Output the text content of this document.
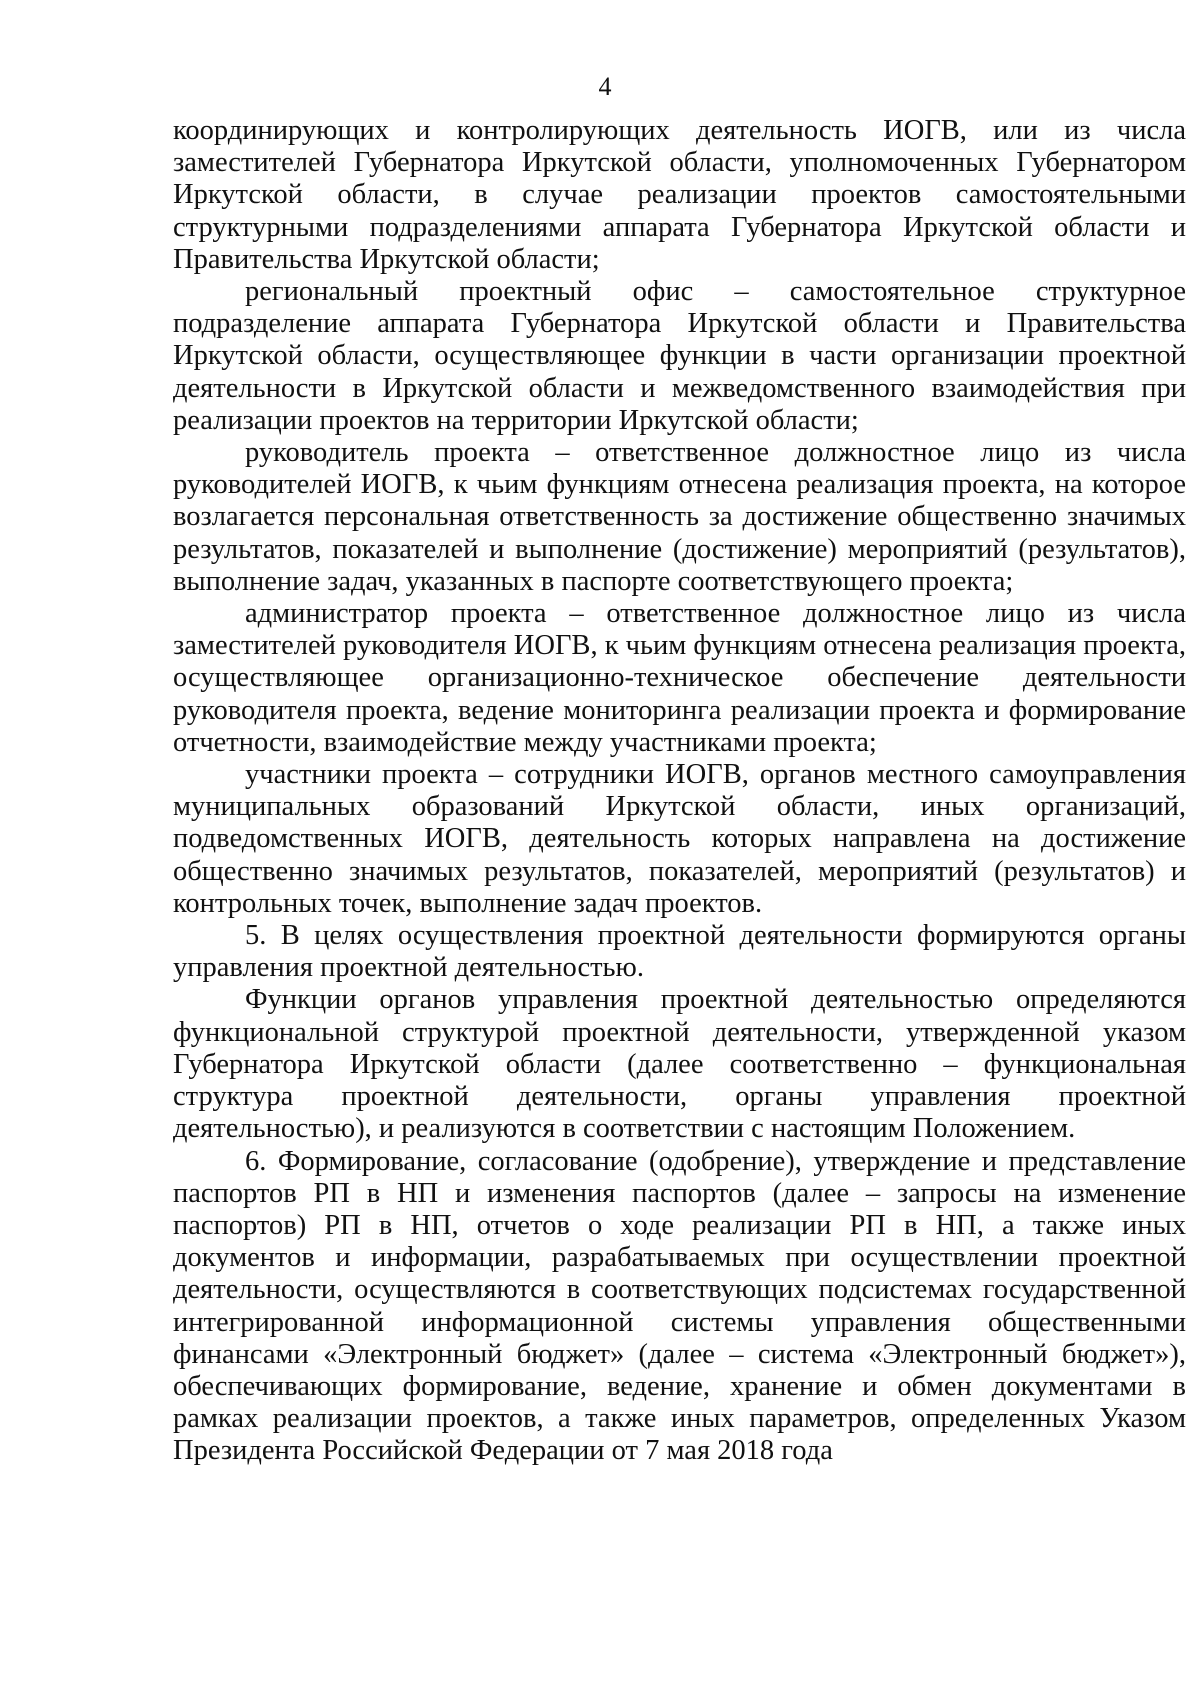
4

координирующих и контролирующих деятельность ИОГВ, или из числа заместителей Губернатора Иркутской области, уполномоченных Губернатором Иркутской области, в случае реализации проектов самостоятельными структурными подразделениями аппарата Губернатора Иркутской области и Правительства Иркутской области;

региональный проектный офис – самостоятельное структурное подразделение аппарата Губернатора Иркутской области и Правительства Иркутской области, осуществляющее функции в части организации проектной деятельности в Иркутской области и межведомственного взаимодействия при реализации проектов на территории Иркутской области;

руководитель проекта – ответственное должностное лицо из числа руководителей ИОГВ, к чьим функциям отнесена реализация проекта, на которое возлагается персональная ответственность за достижение общественно значимых результатов, показателей и выполнение (достижение) мероприятий (результатов), выполнение задач, указанных в паспорте соответствующего проекта;

администратор проекта – ответственное должностное лицо из числа заместителей руководителя ИОГВ, к чьим функциям отнесена реализация проекта, осуществляющее организационно-техническое обеспечение деятельности руководителя проекта, ведение мониторинга реализации проекта и формирование отчетности, взаимодействие между участниками проекта;

участники проекта – сотрудники ИОГВ, органов местного самоуправления муниципальных образований Иркутской области, иных организаций, подведомственных ИОГВ, деятельность которых направлена на достижение общественно значимых результатов, показателей, мероприятий (результатов) и контрольных точек, выполнение задач проектов.

5. В целях осуществления проектной деятельности формируются органы управления проектной деятельностью.

Функции органов управления проектной деятельностью определяются функциональной структурой проектной деятельности, утвержденной указом Губернатора Иркутской области (далее соответственно – функциональная структура проектной деятельности, органы управления проектной деятельностью), и реализуются в соответствии с настоящим Положением.

6. Формирование, согласование (одобрение), утверждение и представление паспортов РП в НП и изменения паспортов (далее – запросы на изменение паспортов) РП в НП, отчетов о ходе реализации РП в НП, а также иных документов и информации, разрабатываемых при осуществлении проектной деятельности, осуществляются в соответствующих подсистемах государственной интегрированной информационной системы управления общественными финансами «Электронный бюджет» (далее – система «Электронный бюджет»), обеспечивающих формирование, ведение, хранение и обмен документами в рамках реализации проектов, а также иных параметров, определенных Указом Президента Российской Федерации от 7 мая 2018 года
